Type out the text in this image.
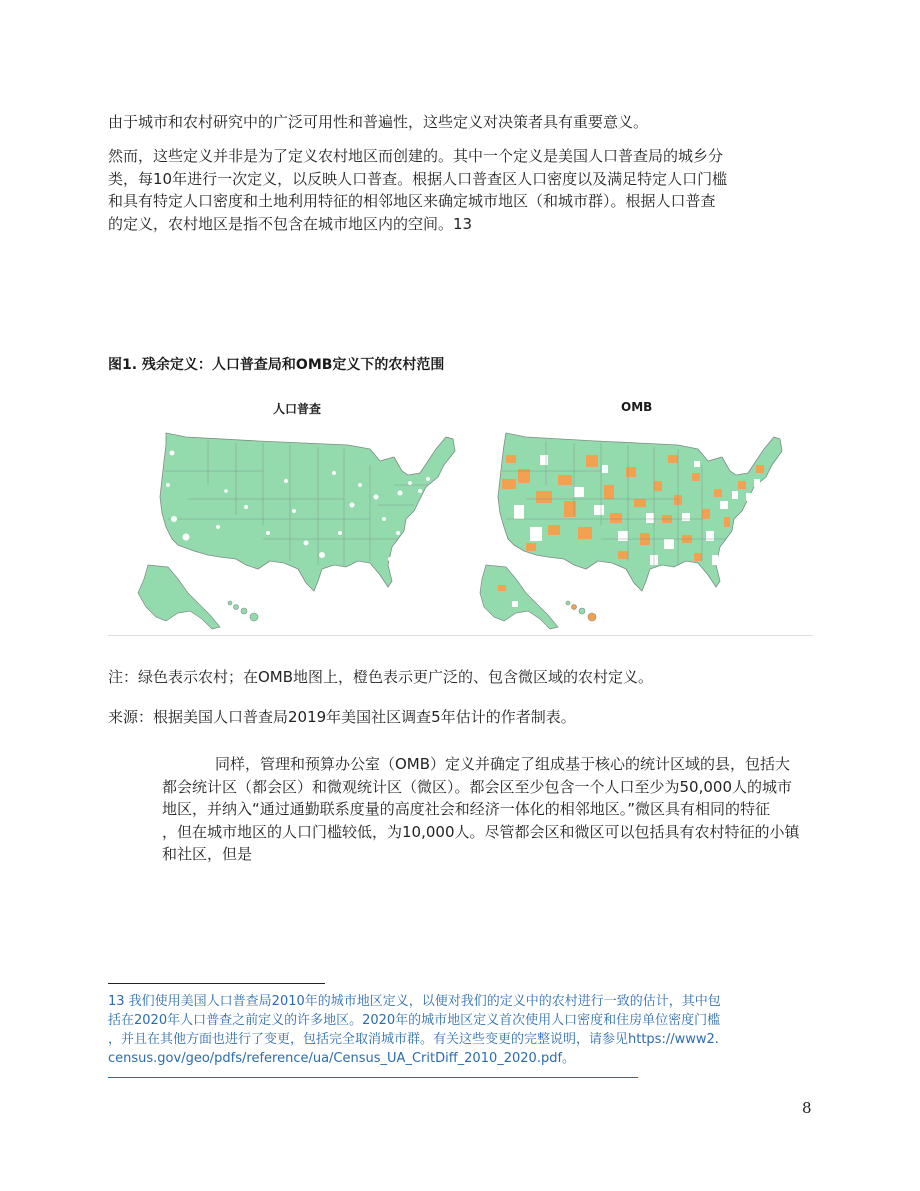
由于城市和农村研究中的广泛可用性和普遍性，这些定义对决策者具有重要意义。
然而，这些定义并非是为了定义农村地区而创建的。其中一个定义是美国人口普查局的城乡分
类，每10年进行一次定义，以反映人口普查。根据人口普查区人口密度以及满足特定人口门槛
和具有特定人口密度和土地利用特征的相邻地区来确定城市地区（和城市群）。根据人口普查
的定义，农村地区是指不包含在城市地区内的空间。13

图1. 残余定义：人口普查局和OMB定义下的农村范围

人口普查	OMB

注：绿色表示农村；在OMB地图上，橙色表示更广泛的、包含微区域的农村定义。

来源：根据美国人口普查局2019年美国社区调查5年估计的作者制表。

同样，管理和预算办公室（OMB）定义并确定了组成基于核心的统计区域的县，包括大
都会统计区（都会区）和微观统计区（微区）。都会区至少包含一个人口至少为50,000人的城市
地区，并纳入“通过通勤联系度量的高度社会和经济一体化的相邻地区。”微区具有相同的特征
，但在城市地区的人口门槛较低，为10,000人。尽管都会区和微区可以包括具有农村特征的小镇
和社区，但是
13 我们使用美国人口普查局2010年的城市地区定义，以便对我们的定义中的农村进行一致的估计，其中包
括在2020年人口普查之前定义的许多地区。2020年的城市地区定义首次使用人口密度和住房单位密度门槛
，并且在其他方面也进行了变更，包括完全取消城市群。有关这些变更的完整说明，请参见https://www2.
census.gov/geo/pdfs/reference/ua/Census_UA_CritDiff_2010_2020.pdf。
8
